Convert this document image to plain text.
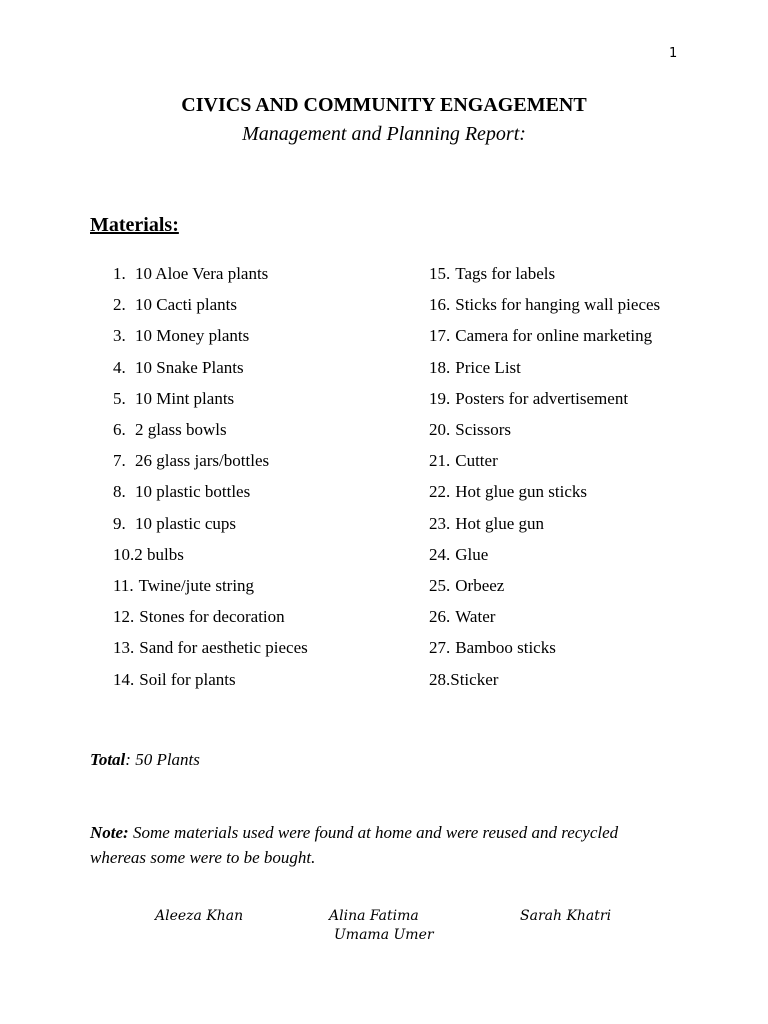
1
CIVICS AND COMMUNITY ENGAGEMENT
Management and Planning Report:
Materials:
1. 10 Aloe Vera plants
2. 10 Cacti plants
3. 10 Money plants
4. 10 Snake Plants
5. 10 Mint plants
6. 2 glass bowls
7. 26 glass jars/bottles
8. 10 plastic bottles
9. 10 plastic cups
10.2 bulbs
11. Twine/jute string
12. Stones for decoration
13. Sand for aesthetic pieces
14. Soil for plants
15. Tags for labels
16. Sticks for hanging wall pieces
17. Camera for online marketing
18. Price List
19. Posters for advertisement
20. Scissors
21. Cutter
22. Hot glue gun sticks
23. Hot glue gun
24. Glue
25. Orbeez
26. Water
27. Bamboo sticks
28.Sticker
Total: 50 Plants
Note: Some materials used were found at home and were reused and recycled whereas some were to be bought.
Aleeza Khan	Alina Fatima	Sarah Khatri
Umama Umer
